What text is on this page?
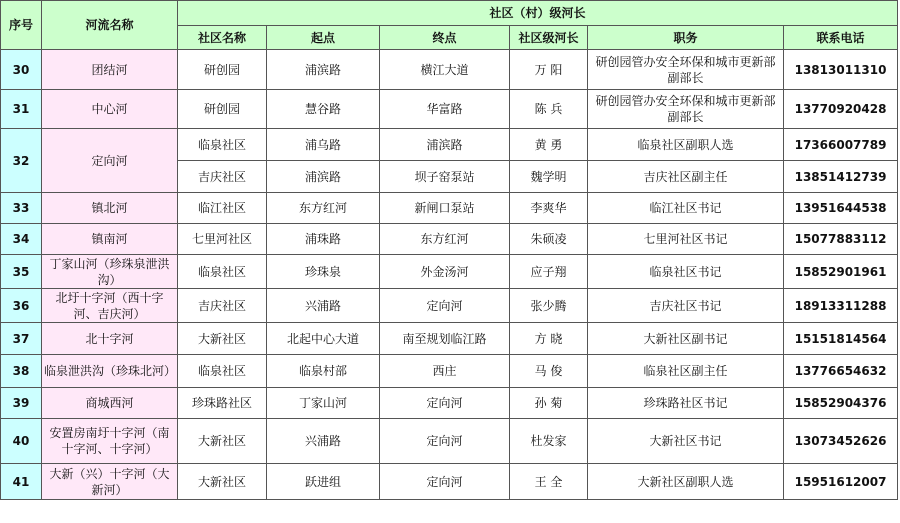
序号	河流名称	社区（村）级河长					
		社区名称	起点	终点	社区级河长	职务	联系电话
30	团结河	研创园	浦滨路	横江大道	万 阳	研创园管办安全环保和城市更新部副部长	13813011310
31	中心河	研创园	慧谷路	华富路	陈 兵	研创园管办安全环保和城市更新部副部长	13770920428
32	定向河	临泉社区	浦乌路	浦滨路	黄 勇	临泉社区副职人选	17366007789
		吉庆社区	浦滨路	坝子窑泵站	魏学明	吉庆社区副主任	13851412739
33	镇北河	临江社区	东方红河	新闸口泵站	李爽华	临江社区书记	13951644538
34	镇南河	七里河社区	浦珠路	东方红河	朱硕凌	七里河社区书记	15077883112
35	丁家山河（珍珠泉泄洪沟）	临泉社区	珍珠泉	外金汤河	应子翔	临泉社区书记	15852901961
36	北圩十字河（西十字河、吉庆河）	吉庆社区	兴浦路	定向河	张少腾	吉庆社区书记	18913311288
37	北十字河	大新社区	北起中心大道	南至规划临江路	方 晓	大新社区副书记	15151814564
38	临泉泄洪沟（珍珠北河）	临泉社区	临泉村部	西庄	马 俊	临泉社区副主任	13776654632
39	商城西河	珍珠路社区	丁家山河	定向河	孙 菊	珍珠路社区书记	15852904376
40	安置房南圩十字河（南十字河、十字河）	大新社区	兴浦路	定向河	杜发家	大新社区书记	13073452626
41	大新（兴）十字河（大新河）	大新社区	跃进组	定向河	王 全	大新社区副职人选	15951612007
